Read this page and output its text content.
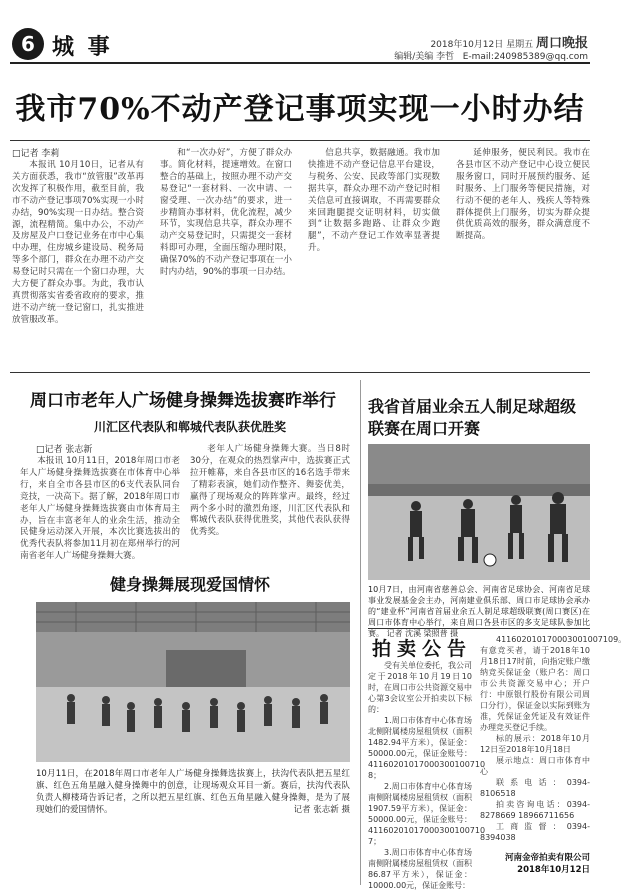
6 城 事	2018年10月12日 星期五 周口晚报
编辑/美编 李哲 E-mail:240985389@qq.com
我市70%不动产登记事项实现一小时办结
□记者 李莉

本报讯 10月10日，记者从有关方面获悉，我市“放管服”改革再次发挥了积极作用，截至目前，我市不动产登记事项70%实现一小时办结，90%实现一日办结。整合资源，流程精简。集中办公，不动产及房屋及户口登记业务在市中心集中办理，住房城乡建设局、税务局等多个部门，群众在办理不动产交易登记时只需在一个窗口办理，大大方便了群众办事。为此，我市认真贯彻落实省委省政府的要求，推进不动产统一登记窗口，扎实推进放管服改革。

和“一次办好”，方便了群众办事。简化材料，提速增效。在窗口整合的基础上，按照办理不动产交易登记“一套材料、一次申请、一窗受理、一次办结”的要求，进一步精简办事材料，优化流程，减少环节，实现信息共享，群众办理不动产交易登记时，只需提交一套材料即可办理，全面压缩办理时限，确保70%的不动产登记事项在一小时内办结，90%的事项一日办结。

信息共享，数据融通。我市加快推进不动产登记信息平台建设，与税务、公安、民政等部门实现数据共享，群众办理不动产登记时相关信息可直接调取，不再需要群众来回跑腿提交证明材料，切实做到“让数据多跑路、让群众少跑腿”，不动产登记工作效率显著提升。

延伸服务，便民利民。我市在各县市区不动产登记中心设立便民服务窗口，同时开展预约服务、延时服务、上门服务等便民措施，对行动不便的老年人、残疾人等特殊群体提供上门服务，切实为群众提供优质高效的服务，群众满意度不断提高。

周口市老年人广场健身操舞选拔赛昨举行
川汇区代表队和郸城代表队获优胜奖
□记者 张志新

本报讯 10月11日，2018年周口市老年人广场健身操舞选拔赛在市体育中心举行，来自全市各县市区的6支代表队同台竞技，一决高下。据了解，2018年周口市老年人广场健身操舞选拔赛由市体育局主办，旨在丰富老年人的业余生活，推动全民健身运动深入开展，本次比赛选拔出的优秀代表队将参加11月初在郑州举行的河南省老年人广场健身操舞大赛。

老年人广场健身操舞大赛。当日8时30分，在观众的热烈掌声中，选拔赛正式拉开帷幕，来自各县市区的16名选手带来了精彩表演，她们动作整齐、舞姿优美，赢得了现场观众的阵阵掌声。最终，经过两个多小时的激烈角逐，川汇区代表队和郸城代表队获得优胜奖，其他代表队获得优秀奖。

健身操舞展现爱国情怀
10月11日，在2018年周口市老年人广场健身操舞选拔赛上，扶沟代表队把五星红旗、红色五角星融入健身操舞中的创意，让现场观众耳目一新。赛后，扶沟代表队负责人柳楼琦告诉记者，之所以把五星红旗、红色五角星融入健身操舞，是为了展现她们的爱国情怀。	记者 张志新 摄
我省首届业余五人制足球超级联赛在周口开赛
10月7日，由河南省慈善总会、河南省足球协会、河南省足球事业发展基金会主办，河南建业俱乐部、周口市足球协会承办的“建业杯”河南省首届业余五人制足球超级联赛(周口赛区)在周口市体育中心举行，来自周口各县市区的多支足球队参加比赛。 记者 沈溪 梁照普 摄
拍卖公告

受有关单位委托，我公司定于2018年10月19日10时，在周口市公共资源交易中心第3会议室公开拍卖以下标的：

1.周口市体育中心体育场北侧附属楼房屋租赁权（面积1482.94平方米），保证金：50000.00元，保证金账号：41160201017000300100710​8；

2.周口市体育中心体育场南侧附属楼房屋租赁权（面积1907.59平方米），保证金：50000.00元，保证金账号：41160201017000300100710​7；

3.周口市体育中心体育场南侧附属楼房屋租赁权（面积86.87平方米），保证金：10000.00元，保证金账号：

411602010170003001007109。有意竞买者，请于2018年10月18日17时前，向指定账户缴纳竞买保证金（账户名：周口市公共资源交易中心；开户行：中原银行股份有限公司周口分行），保证金以实际到账为准，凭保证金凭证及有效证件办理竞买登记手续。

标的展示：2018年10月12日至2018年10月18日

展示地点：周口市体育中心

联系电话：0394-8106518

拍卖咨询电话：0394-8278669 18966711656

工商监督：0394-8394038

河南金帝拍卖有限公司
2018年10月12日
